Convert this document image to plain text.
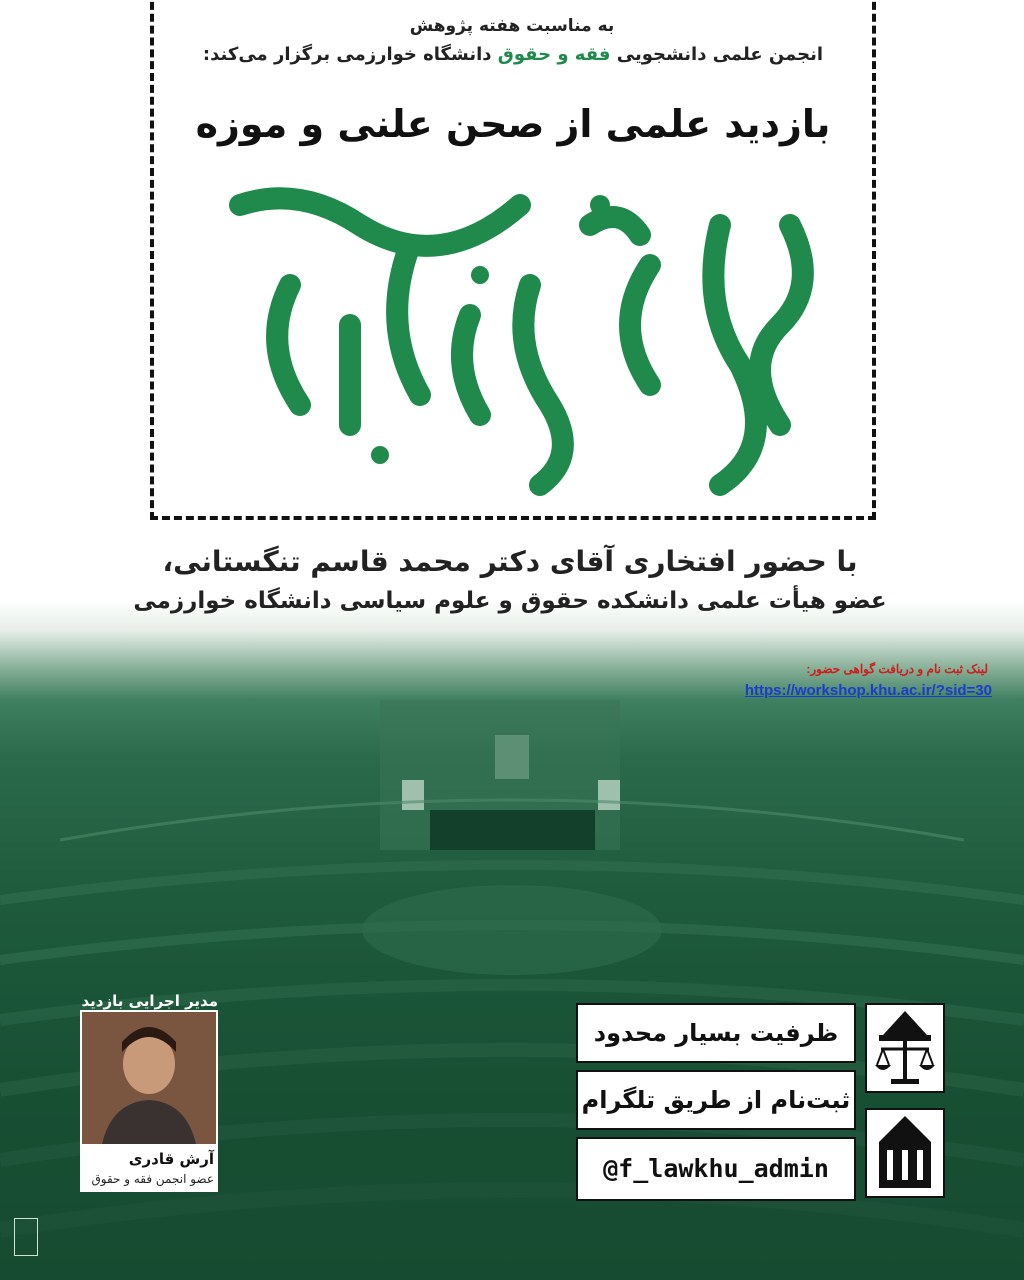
به مناسبت هفته پژوهش
انجمن علمی دانشجویی فقه و حقوق دانشگاه خوارزمی برگزار می‌کند:
بازدید علمی از صحن علنی و موزه
با حضور افتخاری آقای دکتر محمد قاسم تنگستانی،
عضو هیأت علمی دانشکده حقوق و علوم سیاسی دانشگاه خوارزمی
لینک ثبت نام و دریافت گواهی حضور:
https://workshop.khu.ac.ir/?sid=30
ظرفیت بسیار محدود
ثبت‌نام از طریق تلگرام
@f_lawkhu_admin
مدیر اجرایی بازدید
آرش قادری
عضو انجمن فقه و حقوق
